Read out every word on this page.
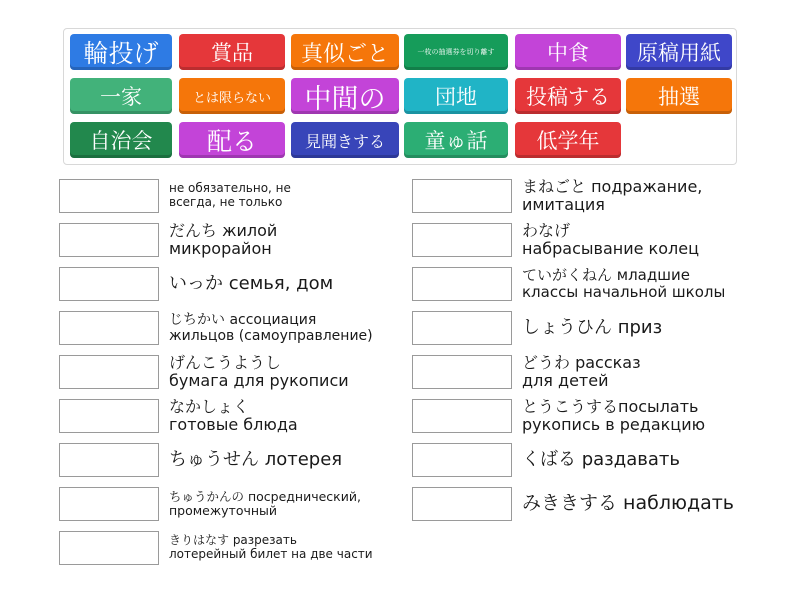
輪投げ	賞品	真似ごと	一枚の抽選券を切り離す	中食	原稿用紙
一家	とは限らない	中間の	団地	投稿する	抽選
自治会	配る	見聞きする	童ゅ話	低学年
не обязательно, не
всегда, не только
だんち жилой
микрорайон
いっか семья, дом
じちかい ассоциация
жильцов (самоуправление)
げんこうようし
бумага для рукописи
なかしょく
готовые блюда
ちゅうせん лотерея
ちゅうかんの посреднический,
промежуточный
きりはなす разрезать
лотерейный билет на две части
まねごと подражание,
имитация
わなげ
набрасывание колец
ていがくねん младшие
классы начальной школы
しょうひん приз
どうわ рассказ
для детей
とうこうするпосылать
рукопись в редакцию
くばる раздавать
みききする наблюдать
